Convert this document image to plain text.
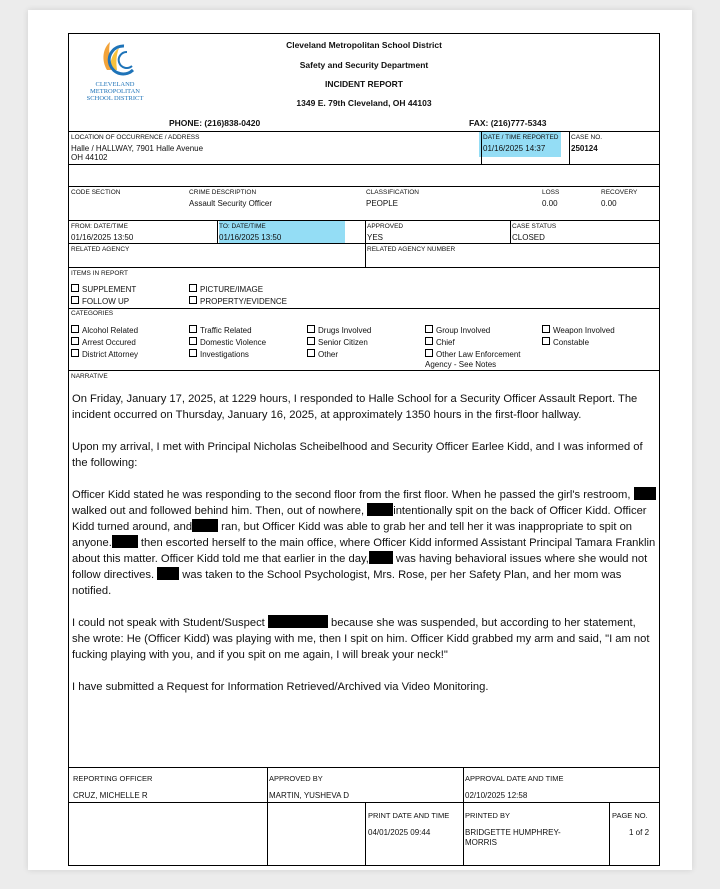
CLEVELAND
METROPOLITAN
SCHOOL DISTRICT
Cleveland Metropolitan School District
Safety and Security Department
INCIDENT REPORT
1349 E. 79th Cleveland, OH 44103
PHONE: (216)838-0420	FAX: (216)777-5343
LOCATION OF OCCURRENCE / ADDRESS
Halle / HALLWAY, 7901 Halle Avenue
OH 44102
DATE / TIME REPORTED
01/16/2025 14:37
CASE NO.
250124
CODE SECTION	CRIME DESCRIPTION
Assault Security Officer
CLASSIFICATION
PEOPLE
LOSS
0.00
RECOVERY
0.00
FROM: DATE/TIME
01/16/2025 13:50
TO: DATE/TIME
01/16/2025 13:50
APPROVED
YES
CASE STATUS
CLOSED
RELATED AGENCY	RELATED AGENCY NUMBER
ITEMS IN REPORT
SUPPLEMENT	PICTURE/IMAGE
FOLLOW UP	PROPERTY/EVIDENCE
CATEGORIES
Alcohol Related	Traffic Related	Drugs Involved	Group Involved	Weapon Involved
Arrest Occured	Domestic Violence	Senior Citizen	Chief	Constable
District Attorney	Investigations	Other	Other Law Enforcement
Agency - See Notes
NARRATIVE

On Friday, January 17, 2025, at 1229 hours, I responded to Halle School for a Security Officer Assault Report. The incident occurred on Thursday, January 16, 2025, at approximately 1350 hours in the first-floor hallway.

Upon my arrival, I met with Principal Nicholas Scheibelhood and Security Officer Earlee Kidd, and I was informed of the following:

Officer Kidd stated he was responding to the second floor from the first floor. When he passed the girl's restroom,  walked out and followed behind him. Then, out of nowhere,	intentionally spit on the back of Officer Kidd. Officer Kidd turned around, and ran, but Officer Kidd was able to grab her and tell her it was inappropriate to spit on anyone. then escorted herself to the main office, where Officer Kidd informed Assistant Principal Tamara Franklin about this matter. Officer Kidd told me that earlier in the day, was having behavioral issues where she would not follow directives.  was taken to the School Psychologist, Mrs. Rose, per her Safety Plan, and her mom was notified.

I could not speak with Student/Suspect	because she was suspended, but according to her statement, she wrote: He (Officer Kidd) was playing with me, then I spit on him. Officer Kidd grabbed my arm and said, "I am not fucking playing with you, and if you spit on me again, I will break your neck!"

I have submitted a Request for Information Retrieved/Archived via Video Monitoring.

REPORTING OFFICER
CRUZ, MICHELLE R
APPROVED BY
MARTIN, YUSHEVA D
APPROVAL DATE AND TIME
02/10/2025 12:58
PRINT DATE AND TIME
04/01/2025 09:44
PRINTED BY
BRIDGETTE HUMPHREY-MORRIS
PAGE NO.
1 of 2
